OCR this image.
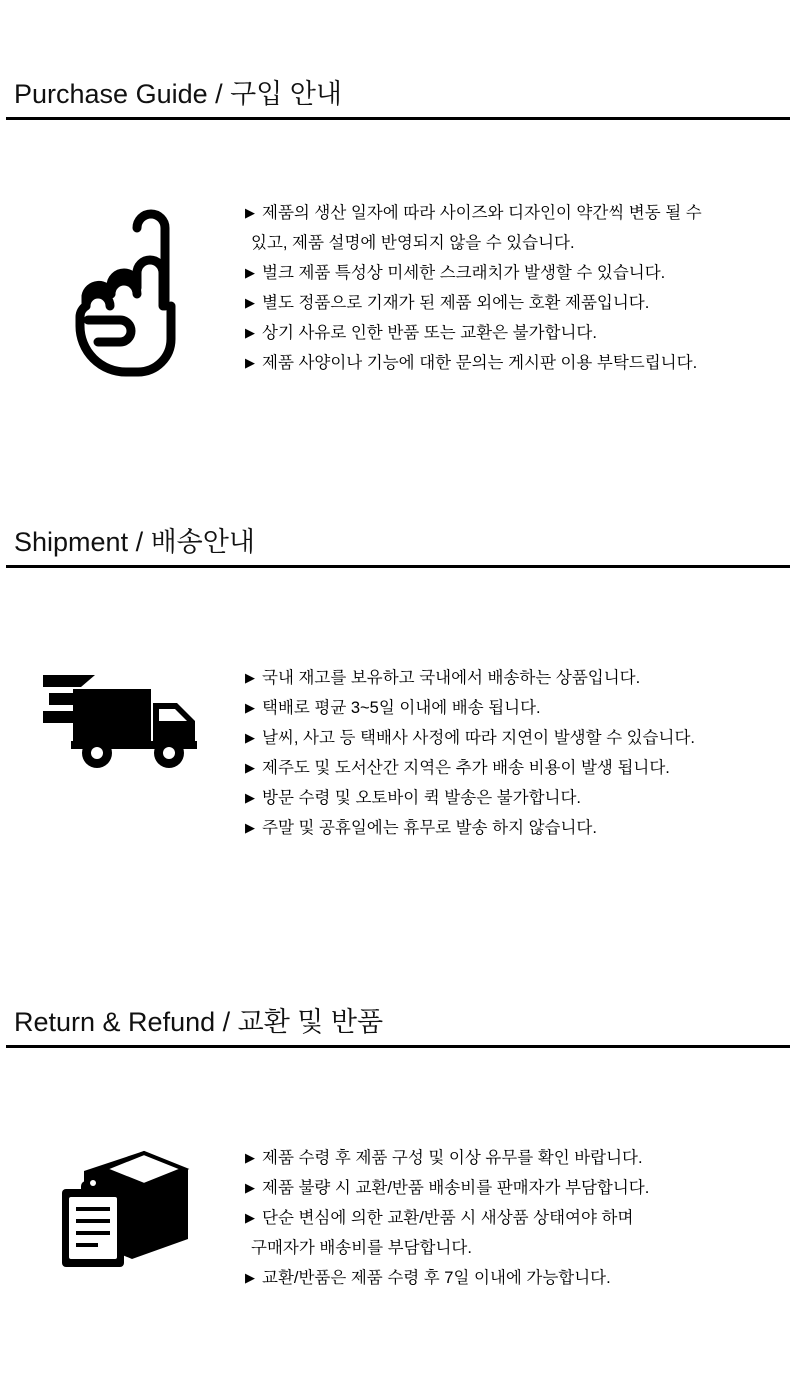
Purchase Guide / 구입 안내
▶ 제품의 생산 일자에 따라 사이즈와 디자인이 약간씩 변동 될 수
있고, 제품 설명에 반영되지 않을 수 있습니다.
▶ 벌크 제품 특성상 미세한 스크래치가 발생할 수 있습니다.
▶ 별도 정품으로 기재가 된 제품 외에는 호환 제품입니다.
▶ 상기 사유로 인한 반품 또는 교환은 불가합니다.
▶ 제품 사양이나 기능에 대한 문의는 게시판 이용 부탁드립니다.
Shipment / 배송안내
▶ 국내 재고를 보유하고 국내에서 배송하는 상품입니다.
▶ 택배로 평균 3~5일 이내에 배송 됩니다.
▶ 날씨, 사고 등 택배사 사정에 따라 지연이 발생할 수 있습니다.
▶ 제주도 및 도서산간 지역은 추가 배송 비용이 발생 됩니다.
▶ 방문 수령 및 오토바이 퀵 발송은 불가합니다.
▶ 주말 및 공휴일에는 휴무로 발송 하지 않습니다.
Return & Refund / 교환 및 반품
▶ 제품 수령 후 제품 구성 및 이상 유무를 확인 바랍니다.
▶ 제품 불량 시 교환/반품 배송비를 판매자가 부담합니다.
▶ 단순 변심에 의한 교환/반품 시 새상품 상태여야 하며
구매자가 배송비를 부담합니다.
▶ 교환/반품은 제품 수령 후 7일 이내에 가능합니다.
